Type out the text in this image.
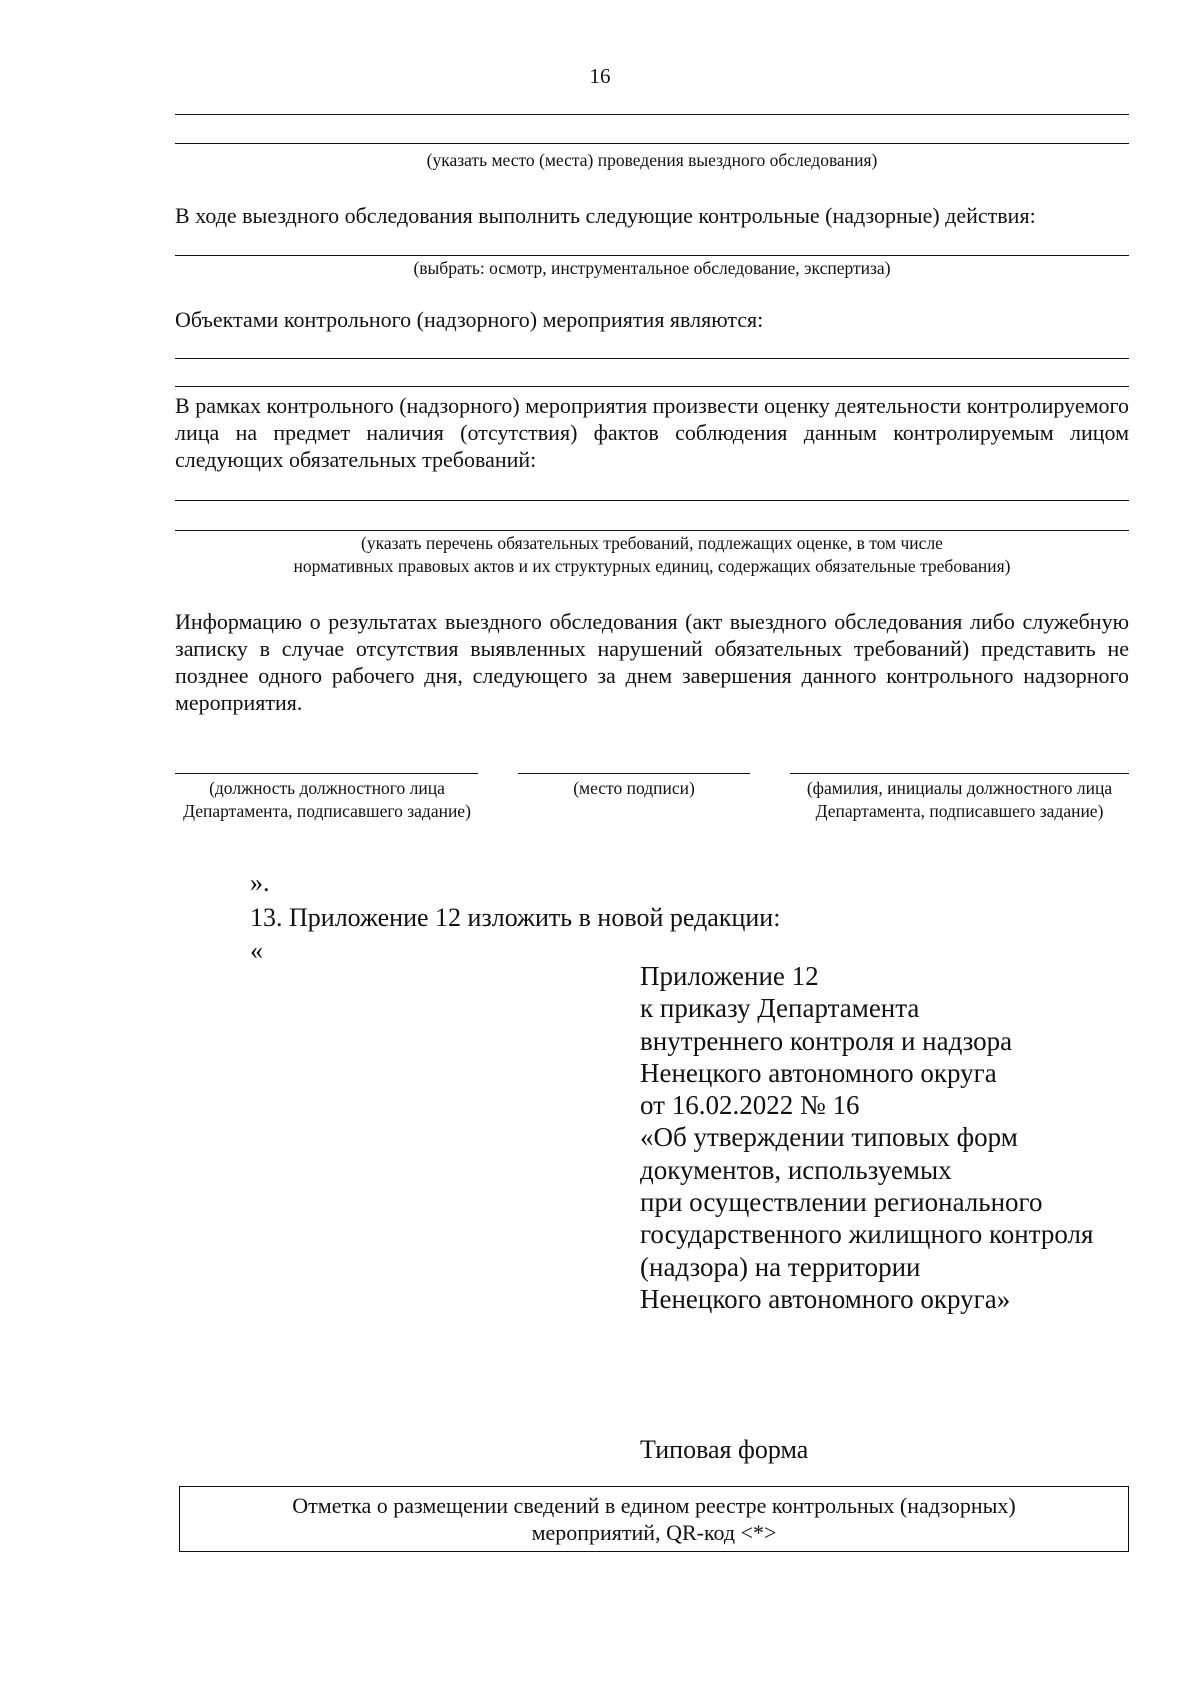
16
(указать место (места) проведения выездного обследования)
В ходе выездного обследования выполнить следующие контрольные (надзорные) действия:
(выбрать: осмотр, инструментальное обследование, экспертиза)
Объектами контрольного (надзорного) мероприятия являются:
В рамках контрольного (надзорного) мероприятия произвести оценку деятельности контролируемого лица на предмет наличия (отсутствия) фактов соблюдения данным контролируемым лицом следующих обязательных требований:
(указать перечень обязательных требований, подлежащих оценке, в том числе
нормативных правовых актов и их структурных единиц, содержащих обязательные требования)
Информацию о результатах выездного обследования (акт выездного обследования либо служебную записку в случае отсутствия выявленных нарушений обязательных требований) представить не позднее одного рабочего дня, следующего за днем завершения данного контрольного надзорного мероприятия.
(должность должностного лица Департамента, подписавшего задание)
(место подписи)	(фамилия, инициалы должностного лица Департамента, подписавшего задание)
».
13. Приложение 12 изложить в новой редакции:
«
Приложение 12
к приказу Департамента
внутреннего контроля и надзора
Ненецкого автономного округа
от 16.02.2022 № 16
«Об утверждении типовых форм
документов, используемых
при осуществлении регионального
государственного жилищного контроля
(надзора) на территории
Ненецкого автономного округа»
Типовая форма
Отметка о размещении сведений в едином реестре контрольных (надзорных)
мероприятий, QR-код <*>
